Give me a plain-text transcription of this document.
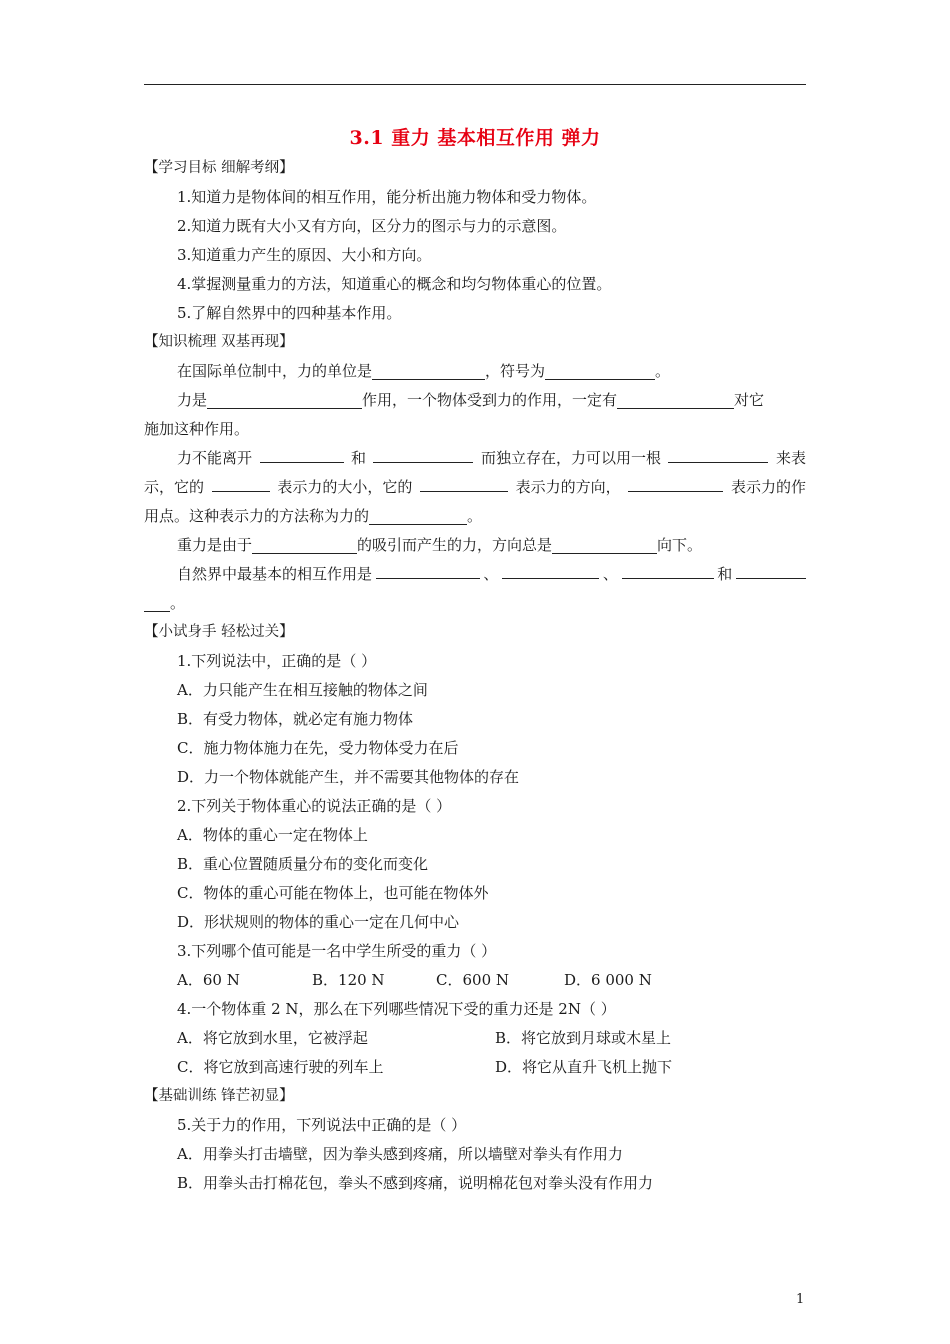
3.1 重力 基本相互作用 弹力
【学习目标 细解考纲】
1.知道力是物体间的相互作用，能分析出施力物体和受力物体。
2.知道力既有大小又有方向，区分力的图示与力的示意图。
3.知道重力产生的原因、大小和方向。
4.掌握测量重力的方法，知道重心的概念和均匀物体重心的位置。
5.了解自然界中的四种基本作用。
【知识梳理 双基再现】
在国际单位制中，力的单位是	，符号为	。
力是	作用，一个物体受到力的作用，一定有	对它
施加这种作用。
力不能离开	和	而独立存在，力可以用一根	来表
示，它的	表示力的大小，它的	表示力的方向，	表示力的作
用点。这种表示力的方法称为力的	。
重力是由于	的吸引而产生的力，方向总是	向下。
自然界中最基本的相互作用是	、	、	和
。
【小试身手 轻松过关】
1.下列说法中，正确的是（ ）
A．力只能产生在相互接触的物体之间
B．有受力物体，就必定有施力物体
C．施力物体施力在先，受力物体受力在后
D．力一个物体就能产生，并不需要其他物体的存在
2.下列关于物体重心的说法正确的是（ ）
A．物体的重心一定在物体上
B．重心位置随质量分布的变化而变化
C．物体的重心可能在物体上，也可能在物体外
D．形状规则的物体的重心一定在几何中心
3.下列哪个值可能是一名中学生所受的重力（ ）
A．60 N	B．120 N	C．600 N	D．6 000 N
4.一个物体重 2 N，那么在下列哪些情况下受的重力还是 2N（ ）
A．将它放到水里，它被浮起	B．将它放到月球或木星上
C．将它放到高速行驶的列车上	D．将它从直升飞机上抛下
【基础训练 锋芒初显】
5.关于力的作用，下列说法中正确的是（ ）
A．用拳头打击墙壁，因为拳头感到疼痛，所以墙壁对拳头有作用力
B．用拳头击打棉花包，拳头不感到疼痛，说明棉花包对拳头没有作用力
1
